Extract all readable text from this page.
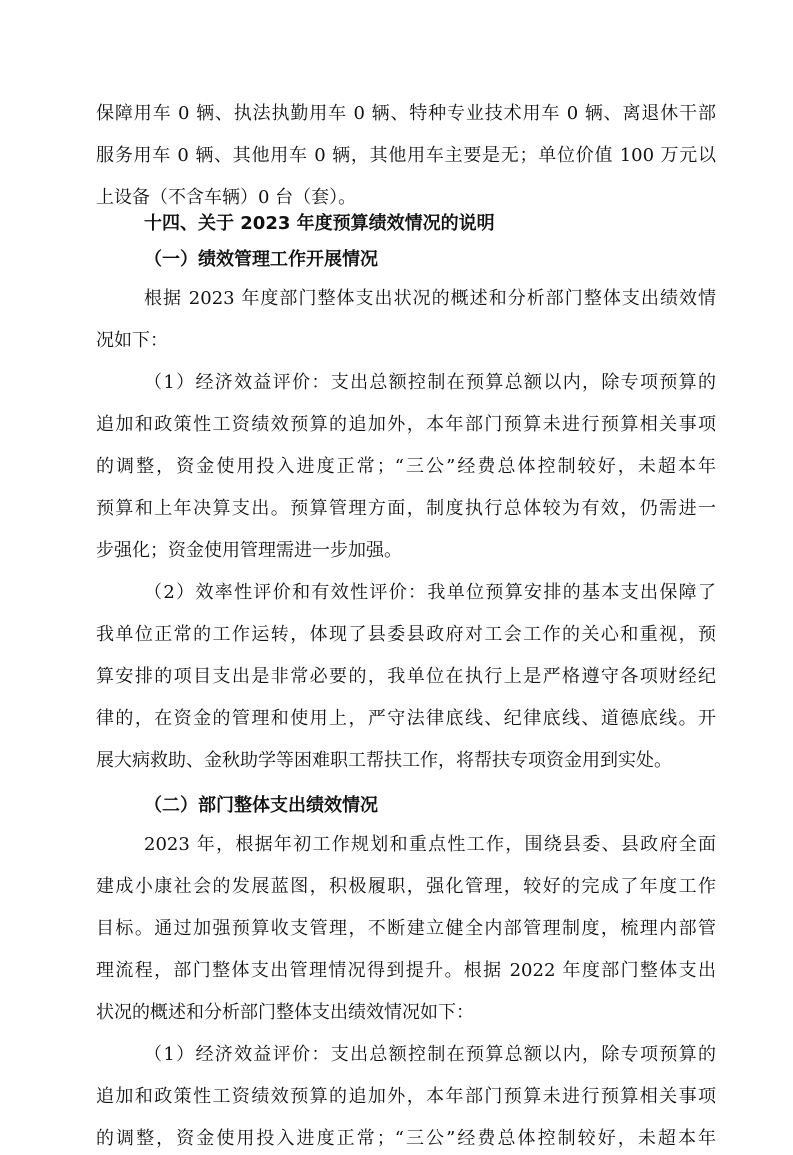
保障用车 0 辆、执法执勤用车 0 辆、特种专业技术用车 0 辆、离退休干部
服务用车 0 辆、其他用车 0 辆，其他用车主要是无；单位价值 100 万元以
上设备（不含车辆）0 台（套）。
十四、关于 2023 年度预算绩效情况的说明
（一）绩效管理工作开展情况
根据 2023 年度部门整体支出状况的概述和分析部门整体支出绩效情
况如下：
（1）经济效益评价：支出总额控制在预算总额以内，除专项预算的
追加和政策性工资绩效预算的追加外，本年部门预算未进行预算相关事项
的调整，资金使用投入进度正常；“三公”经费总体控制较好，未超本年
预算和上年决算支出。预算管理方面，制度执行总体较为有效，仍需进一
步强化；资金使用管理需进一步加强。
（2）效率性评价和有效性评价：我单位预算安排的基本支出保障了
我单位正常的工作运转，体现了县委县政府对工会工作的关心和重视，预
算安排的项目支出是非常必要的，我单位在执行上是严格遵守各项财经纪
律的，在资金的管理和使用上，严守法律底线、纪律底线、道德底线。开
展大病救助、金秋助学等困难职工帮扶工作，将帮扶专项资金用到实处。
（二）部门整体支出绩效情况
2023 年，根据年初工作规划和重点性工作，围绕县委、县政府全面
建成小康社会的发展蓝图，积极履职，强化管理，较好的完成了年度工作
目标。通过加强预算收支管理，不断建立健全内部管理制度，梳理内部管
理流程，部门整体支出管理情况得到提升。根据 2022 年度部门整体支出
状况的概述和分析部门整体支出绩效情况如下：
（1）经济效益评价：支出总额控制在预算总额以内，除专项预算的
追加和政策性工资绩效预算的追加外，本年部门预算未进行预算相关事项
的调整，资金使用投入进度正常；“三公”经费总体控制较好，未超本年
